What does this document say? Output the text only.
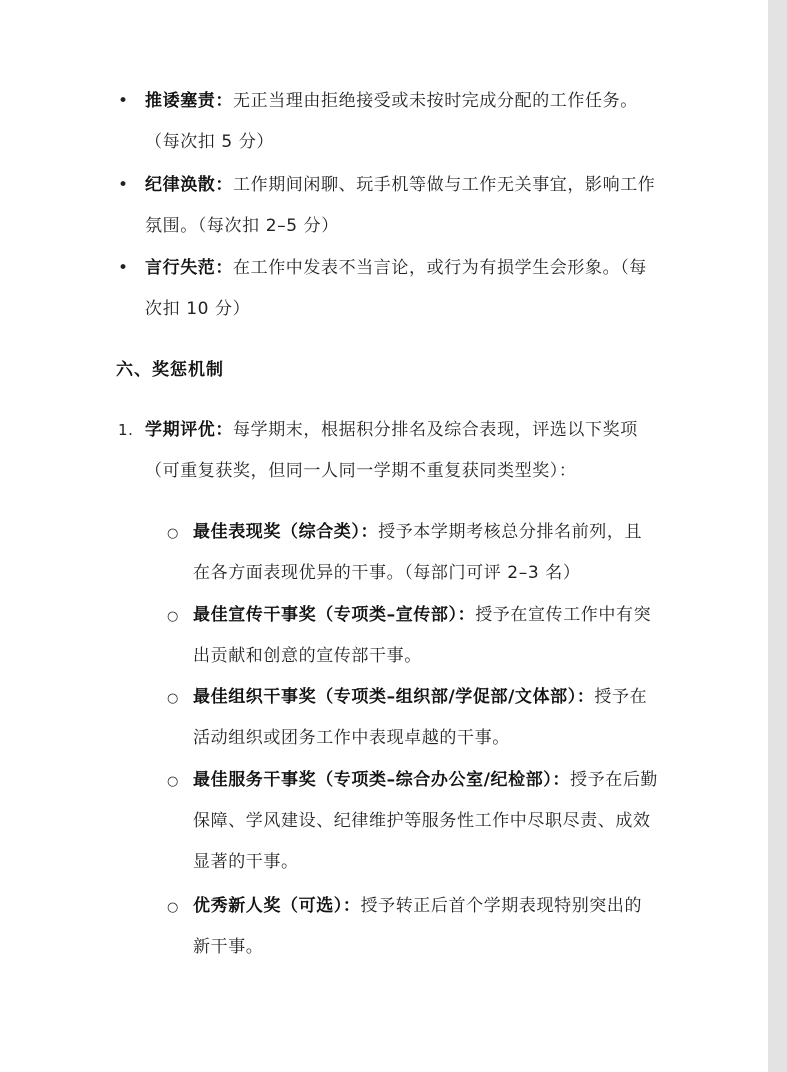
• 推诿塞责：无正当理由拒绝接受或未按时完成分配的工作任务。（每次扣 5 分）
• 纪律涣散：工作期间闲聊、玩手机等做与工作无关事宜，影响工作氛围。（每次扣 2–5 分）
• 言行失范：在工作中发表不当言论，或行为有损学生会形象。（每次扣 10 分）
六、奖惩机制
1. 学期评优：每学期末，根据积分排名及综合表现，评选以下奖项（可重复获奖，但同一人同一学期不重复获同类型奖）：
○ 最佳表现奖（综合类）：授予本学期考核总分排名前列，且在各方面表现优异的干事。（每部门可评 2–3 名）
○ 最佳宣传干事奖（专项类–宣传部）：授予在宣传工作中有突出贡献和创意的宣传部干事。
○ 最佳组织干事奖（专项类–组织部/学促部/文体部）：授予在活动组织或团务工作中表现卓越的干事。
○ 最佳服务干事奖（专项类–综合办公室/纪检部）：授予在后勤保障、学风建设、纪律维护等服务性工作中尽职尽责、成效显著的干事。
○ 优秀新人奖（可选）：授予转正后首个学期表现特别突出的新干事。
